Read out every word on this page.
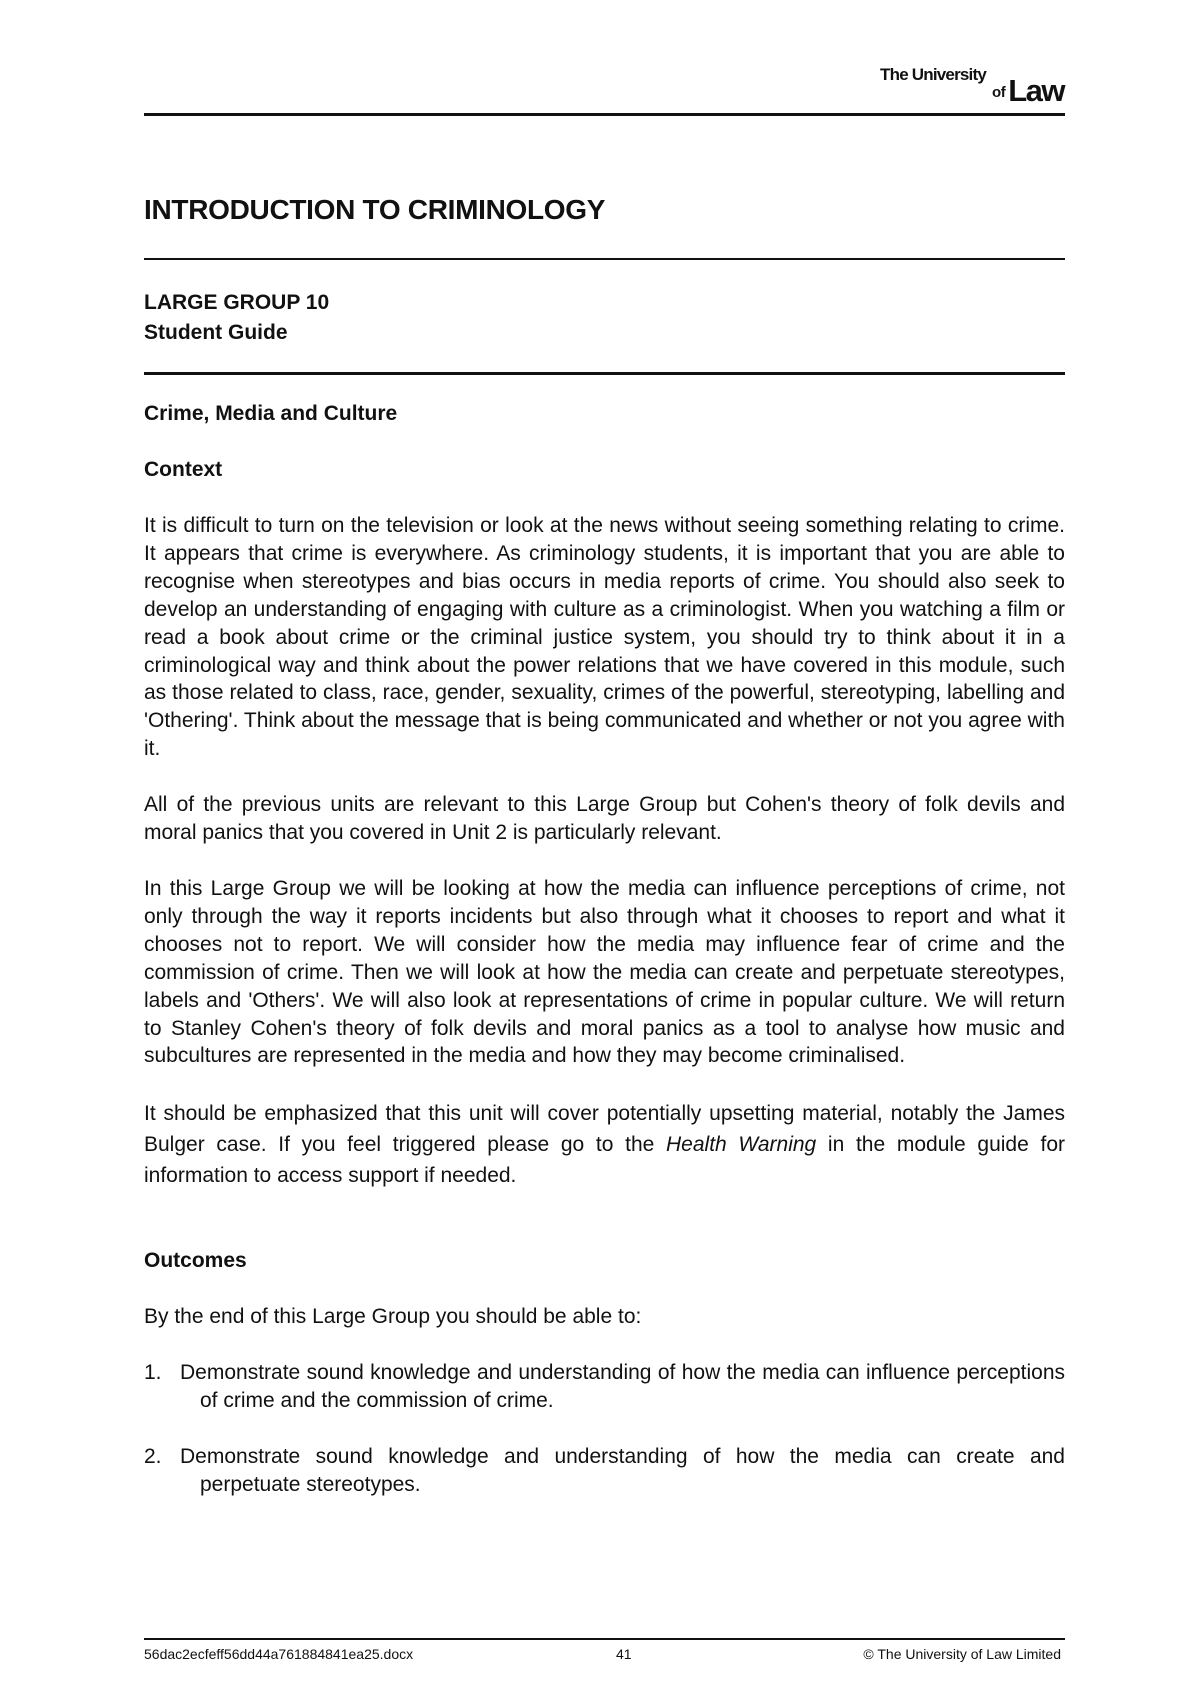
The University
of Law
INTRODUCTION TO CRIMINOLOGY
LARGE GROUP 10
Student Guide
Crime, Media and Culture
Context

It is difficult to turn on the television or look at the news without seeing something relating to crime. It appears that crime is everywhere. As criminology students, it is important that you are able to recognise when stereotypes and bias occurs in media reports of crime. You should also seek to develop an understanding of engaging with culture as a criminologist. When you watching a film or read a book about crime or the criminal justice system, you should try to think about it in a criminological way and think about the power relations that we have covered in this module, such as those related to class, race, gender, sexuality, crimes of the powerful, stereotyping, labelling and 'Othering'. Think about the message that is being communicated and whether or not you agree with it.

All of the previous units are relevant to this Large Group but Cohen's theory of folk devils and moral panics that you covered in Unit 2 is particularly relevant.

In this Large Group we will be looking at how the media can influence perceptions of crime, not only through the way it reports incidents but also through what it chooses to report and what it chooses not to report. We will consider how the media may influence fear of crime and the commission of crime. Then we will look at how the media can create and perpetuate stereotypes, labels and 'Others'. We will also look at representations of crime in popular culture. We will return to Stanley Cohen's theory of folk devils and moral panics as a tool to analyse how music and subcultures are represented in the media and how they may become criminalised.

It should be emphasized that this unit will cover potentially upsetting material, notably the James Bulger case. If you feel triggered please go to the Health Warning in the module guide for information to access support if needed.

Outcomes

By the end of this Large Group you should be able to:

1. Demonstrate sound knowledge and understanding of how the media can influence perceptions of crime and the commission of crime.
2. Demonstrate sound knowledge and understanding of how the media can create and perpetuate stereotypes.
56dac2ecfeff56dd44a761884841ea25.docx	41	© The University of Law Limited
